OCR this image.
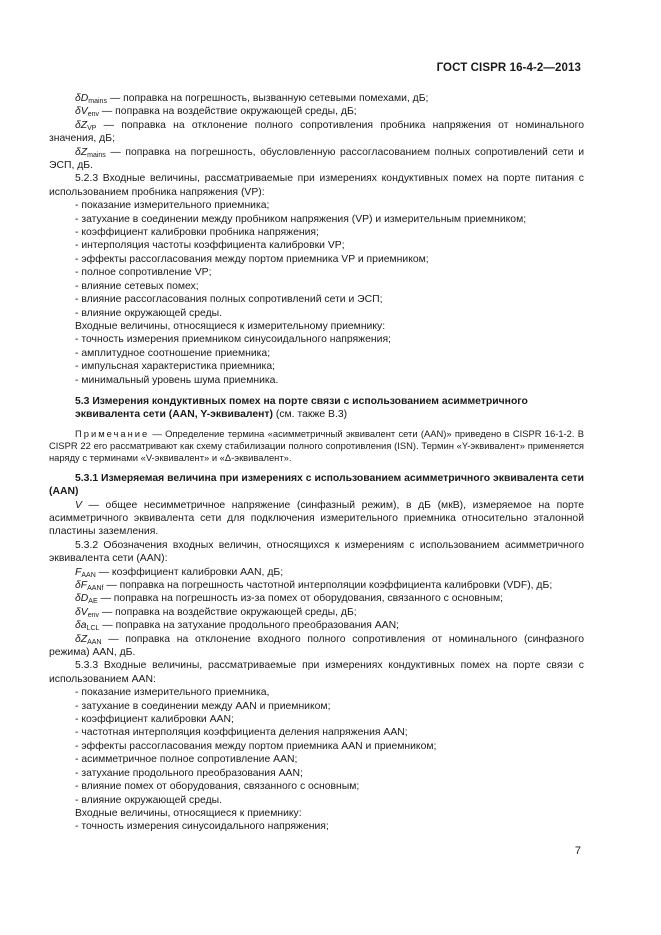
ГОСТ CISPR 16-4-2—2013

$\delta D_{mains}$ — поправка на погрешность, вызванную сетевыми помехами, дБ;

$\delta V_{env}$ — поправка на воздействие окружающей среды, дБ;

$\delta Z_{VP}$ — поправка на отклонение полного сопротивления пробника напряжения от номинального значения, дБ;

$\delta Z_{mains}$ — поправка на погрешность, обусловленную рассогласованием полных сопротивлений сети и ЭСП, дБ.

5.2.3 Входные величины, рассматриваемые при измерениях кондуктивных помех на порте питания с использованием пробника напряжения (VP):

- показание измерительного приемника;
- затухание в соединении между пробником напряжения (VP) и измерительным приемником;
- коэффициент калибровки пробника напряжения;
- интерполяция частоты коэффициента калибровки VP;
- эффекты рассогласования между портом приемника VP и приемником;
- полное сопротивление VP;
- влияние сетевых помех;
- влияние рассогласования полных сопротивлений сети и ЭСП;
- влияние окружающей среды.

Входные величины, относящиеся к измерительному приемнику:

- точность измерения приемником синусоидального напряжения;
- амплитудное соотношение приемника;
- импульсная характеристика приемника;
- минимальный уровень шума приемника.

5.3 Измерения кондуктивных помех на порте связи с использованием асимметричного эквивалента сети (AAN, Y-эквивалент) (см. также В.3)

Примечание — Определение термина «асимметричный эквивалент сети (AAN)» приведено в CISPR 16-1-2. В CISPR 22 его рассматривают как схему стабилизации полного сопротивления (ISN). Термин «Y-эквивалент» применяется наряду с терминами «V-эквивалент» и «Δ-эквивалент».

5.3.1 Измеряемая величина при измерениях с использованием асимметричного эквивалента сети (AAN)

V — общее несимметричное напряжение (синфазный режим), в дБ (мкВ), измеряемое на порте асимметричного эквивалента сети для подключения измерительного приемника относительно эталонной пластины заземления.

5.3.2 Обозначения входных величин, относящихся к измерениям с использованием асимметричного эквивалента сети (AAN):

$F_{AAN}$ — коэффициент калибровки AAN, дБ;

$\delta F_{AANf}$ — поправка на погрешность частотной интерполяции коэффициента калибровки (VDF), дБ;

$\delta D_{AE}$ — поправка на погрешность из-за помех от оборудования, связанного с основным;

$\delta V_{env}$ — поправка на воздействие окружающей среды, дБ;

$\delta a_{LCL}$ — поправка на затухание продольного преобразования AAN;

$\delta Z_{AAN}$ — поправка на отклонение входного полного сопротивления от номинального (синфазного режима) AAN, дБ.

5.3.3 Входные величины, рассматриваемые при измерениях кондуктивных помех на порте связи с использованием AAN:

- показание измерительного приемника,
- затухание в соединении между AAN и приемником;
- коэффициент калибровки AAN;
- частотная интерполяция коэффициента деления напряжения AAN;
- эффекты рассогласования между портом приемника AAN и приемником;
- асимметричное полное сопротивление AAN;
- затухание продольного преобразования AAN;
- влияние помех от оборудования, связанного с основным;
- влияние окружающей среды.

Входные величины, относящиеся к приемнику:

- точность измерения синусоидального напряжения;
7
